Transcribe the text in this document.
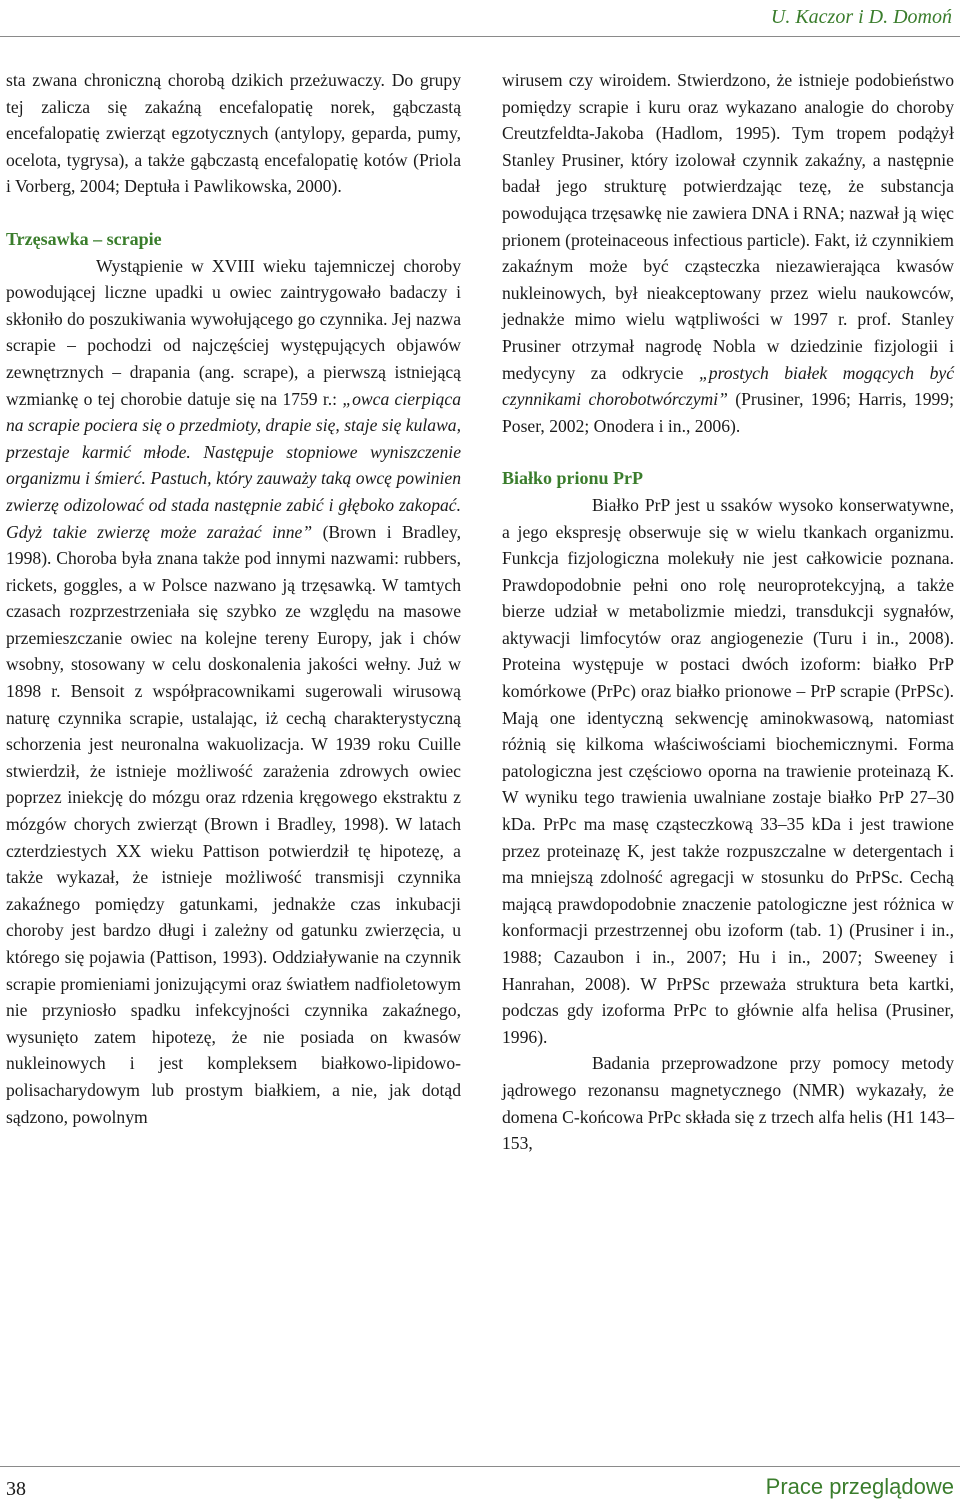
U. Kaczor i D. Domoń

sta zwana chroniczną chorobą dzikich przeżuwaczy. Do grupy tej zalicza się zakaźną encefalopatię norek, gąbczastą encefalopatię zwierząt egzotycznych (antylopy, geparda, pumy, ocelota, tygrysa), a także gąbczastą encefalopatię kotów (Priola i Vorberg, 2004; Deptuła i Pawlikowska, 2000).

Trzęsawka – scrapie

Wystąpienie w XVIII wieku tajemniczej choroby powodującej liczne upadki u owiec zaintrygowało badaczy i skłoniło do poszukiwania wywołującego go czynnika. Jej nazwa scrapie – pochodzi od najczęściej występujących objawów zewnętrznych – drapania (ang. scrape), a pierwszą istniejącą wzmiankę o tej chorobie datuje się na 1759 r.: „owca cierpiąca na scrapie pociera się o przedmioty, drapie się, staje się kulawa, przestaje karmić młode. Następuje stopniowe wyniszczenie organizmu i śmierć. Pastuch, który zauważy taką owcę powinien zwierzę odizolować od stada następnie zabić i głęboko zakopać. Gdyż takie zwierzę może zarażać inne” (Brown i Bradley, 1998). Choroba była znana także pod innymi nazwami: rubbers, rickets, goggles, a w Polsce nazwano ją trzęsawką. W tamtych czasach rozprzestrzeniała się szybko ze względu na masowe przemieszczanie owiec na kolejne tereny Europy, jak i chów wsobny, stosowany w celu doskonalenia jakości wełny. Już w 1898 r. Bensoit z współpracownikami sugerowali wirusową naturę czynnika scrapie, ustalając, iż cechą charakterystyczną schorzenia jest neuronalna wakuolizacja. W 1939 roku Cuille stwierdził, że istnieje możliwość zarażenia zdrowych owiec poprzez iniekcję do mózgu oraz rdzenia kręgowego ekstraktu z mózgów chorych zwierząt (Brown i Bradley, 1998). W latach czterdziestych XX wieku Pattison potwierdził tę hipotezę, a także wykazał, że istnieje możliwość transmisji czynnika zakaźnego pomiędzy gatunkami, jednakże czas inkubacji choroby jest bardzo długi i zależny od gatunku zwierzęcia, u którego się pojawia (Pattison, 1993). Oddziaływanie na czynnik scrapie promieniami jonizującymi oraz światłem nadfioletowym nie przyniosło spadku infekcyjności czynnika zakaźnego, wysunięto zatem hipotezę, że nie posiada on kwasów nukleinowych i jest kompleksem białkowo-lipidowo-polisacharydowym lub prostym białkiem, a nie, jak dotąd sądzono, powolnym

wirusem czy wiroidem. Stwierdzono, że istnieje podobieństwo pomiędzy scrapie i kuru oraz wykazano analogie do choroby Creutzfeldta-Jakoba (Hadlom, 1995). Tym tropem podążył Stanley Prusiner, który izolował czynnik zakaźny, a następnie badał jego strukturę potwierdzając tezę, że substancja powodująca trzęsawkę nie zawiera DNA i RNA; nazwał ją więc prionem (proteinaceous infectious particle). Fakt, iż czynnikiem zakaźnym może być cząsteczka niezawierająca kwasów nukleinowych, był nieakceptowany przez wielu naukowców, jednakże mimo wielu wątpliwości w 1997 r. prof. Stanley Prusiner otrzymał nagrodę Nobla w dziedzinie fizjologii i medycyny za odkrycie „prostych białek mogących być czynnikami chorobotwórczymi” (Prusiner, 1996; Harris, 1999; Poser, 2002; Onodera i in., 2006).

Białko prionu PrP

Białko PrP jest u ssaków wysoko konserwatywne, a jego ekspresję obserwuje się w wielu tkankach organizmu. Funkcja fizjologiczna molekuły nie jest całkowicie poznana. Prawdopodobnie pełni ono rolę neuroprotekcyjną, a także bierze udział w metabolizmie miedzi, transdukcji sygnałów, aktywacji limfocytów oraz angiogenezie (Turu i in., 2008). Proteina występuje w postaci dwóch izoform: białko PrP komórkowe (PrPc) oraz białko prionowe – PrP scrapie (PrPSc). Mają one identyczną sekwencję aminokwasową, natomiast różnią się kilkoma właściwościami biochemicznymi. Forma patologiczna jest częściowo oporna na trawienie proteinazą K. W wyniku tego trawienia uwalniane zostaje białko PrP 27–30 kDa. PrPc ma masę cząsteczkową 33–35 kDa i jest trawione przez proteinazę K, jest także rozpuszczalne w detergentach i ma mniejszą zdolność agregacji w stosunku do PrPSc. Cechą mającą prawdopodobnie znaczenie patologiczne jest różnica w konformacji przestrzennej obu izoform (tab. 1) (Prusiner i in., 1988; Cazaubon i in., 2007; Hu i in., 2007; Sweeney i Hanrahan, 2008). W PrPSc przeważa struktura beta kartki, podczas gdy izoforma PrPc to głównie alfa helisa (Prusiner, 1996).

Badania przeprowadzone przy pomocy metody jądrowego rezonansu magnetycznego (NMR) wykazały, że domena C-końcowa PrPc składa się z trzech alfa helis (H1 143–153,

38	Prace przeglądowe
